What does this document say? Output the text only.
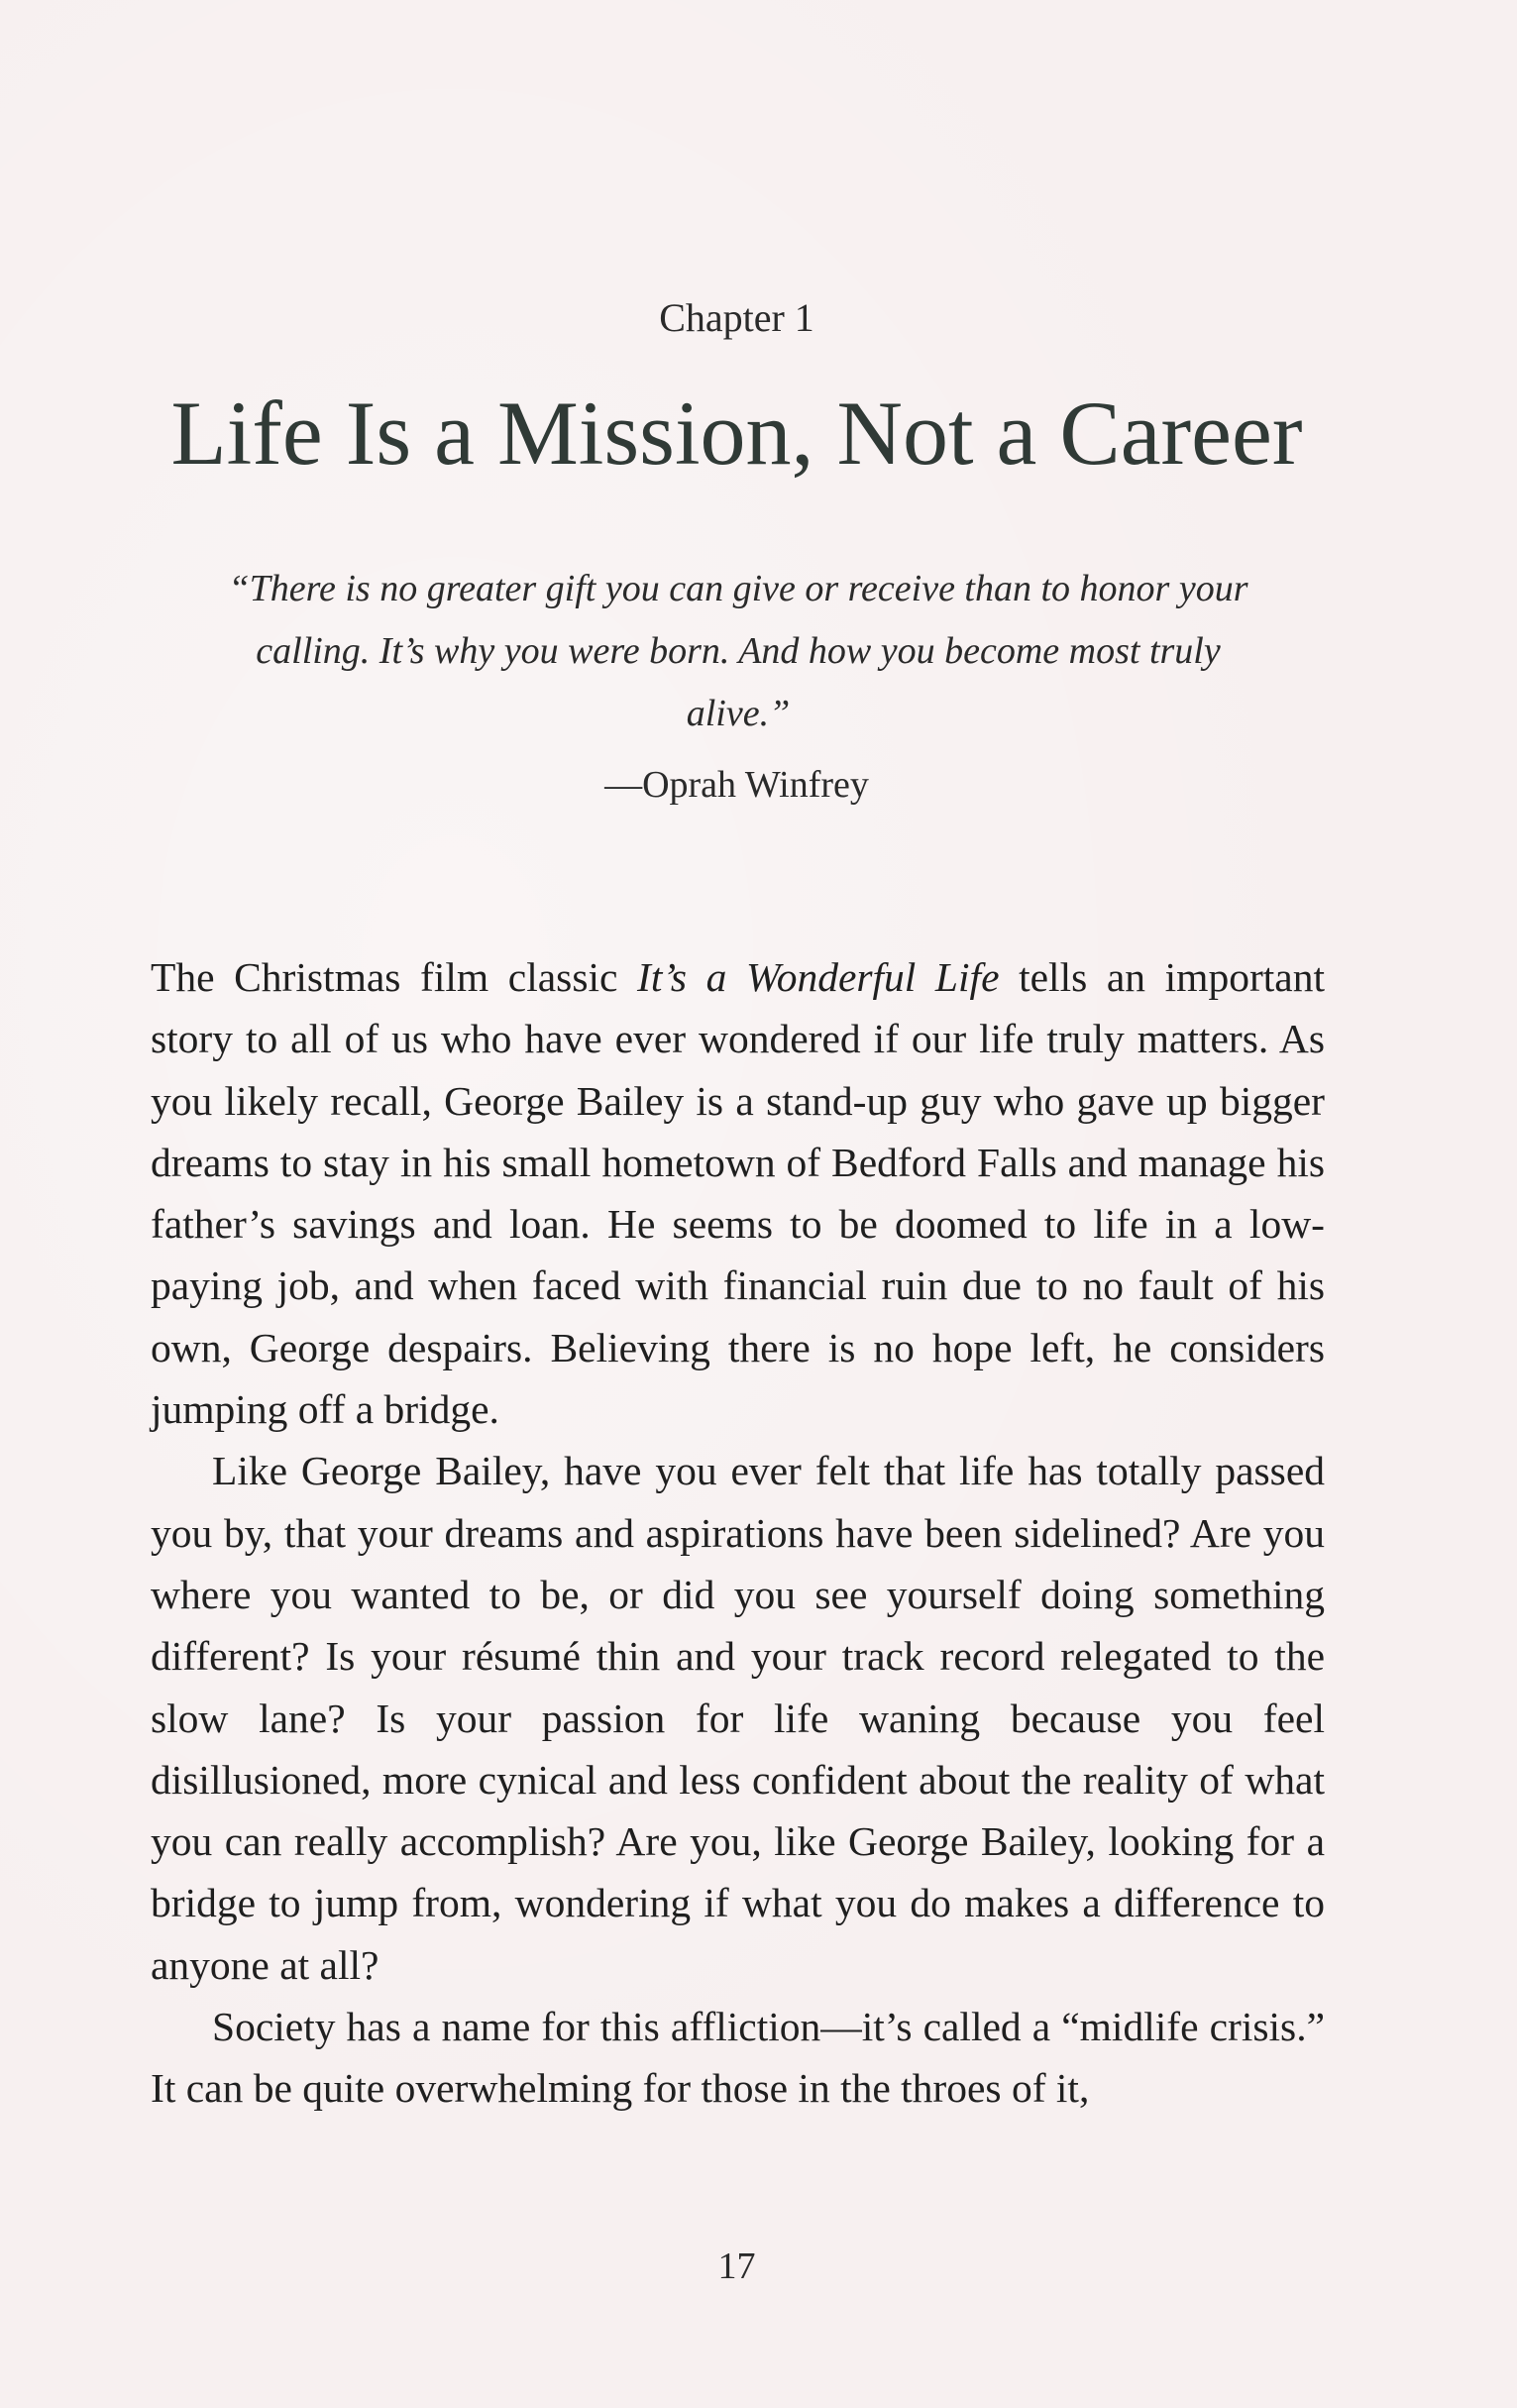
Chapter 1
Life Is a Mission, Not a Career
“There is no greater gift you can give or receive than to honor your calling. It’s why you were born. And how you become most truly alive.”
—Oprah Winfrey

The Christmas film classic It’s a Wonderful Life tells an important story to all of us who have ever wondered if our life truly matters. As you likely recall, George Bailey is a stand-up guy who gave up bigger dreams to stay in his small hometown of Bedford Falls and manage his father’s savings and loan. He seems to be doomed to life in a low-paying job, and when faced with financial ruin due to no fault of his own, George despairs. Believing there is no hope left, he considers jumping off a bridge.

Like George Bailey, have you ever felt that life has totally passed you by, that your dreams and aspirations have been sidelined? Are you where you wanted to be, or did you see yourself doing something different? Is your résumé thin and your track record relegated to the slow lane? Is your passion for life waning because you feel disillusioned, more cynical and less confident about the reality of what you can really accomplish? Are you, like George Bailey, looking for a bridge to jump from, wondering if what you do makes a difference to anyone at all?

Society has a name for this affliction—it’s called a “midlife crisis.” It can be quite overwhelming for those in the throes of it,

17
